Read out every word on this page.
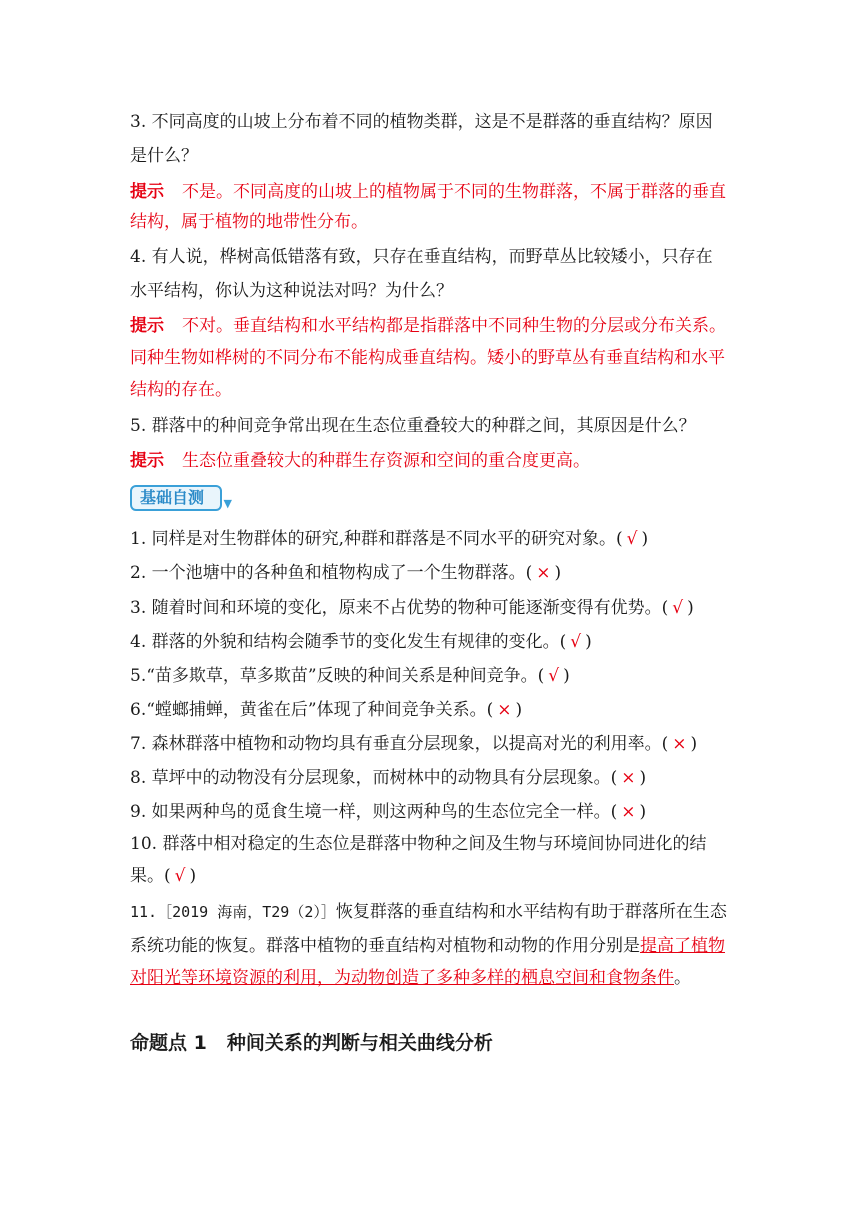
3. 不同高度的山坡上分布着不同的植物类群，这是不是群落的垂直结构？原因
是什么？
提示 不是。不同高度的山坡上的植物属于不同的生物群落，不属于群落的垂直
结构，属于植物的地带性分布。
4. 有人说，桦树高低错落有致，只存在垂直结构，而野草丛比较矮小，只存在
水平结构，你认为这种说法对吗？为什么？
提示 不对。垂直结构和水平结构都是指群落中不同种生物的分层或分布关系。
同种生物如桦树的不同分布不能构成垂直结构。矮小的野草丛有垂直结构和水平
结构的存在。
5. 群落中的种间竞争常出现在生态位重叠较大的种群之间，其原因是什么？
提示 生态位重叠较大的种群生存资源和空间的重合度更高。
基础自测 ▼
1. 同样是对生物群体的研究,种群和群落是不同水平的研究对象。( √ )
2. 一个池塘中的各种鱼和植物构成了一个生物群落。( × )
3. 随着时间和环境的变化，原来不占优势的物种可能逐渐变得有优势。( √ )
4. 群落的外貌和结构会随季节的变化发生有规律的变化。( √ )
5.“苗多欺草，草多欺苗”反映的种间关系是种间竞争。( √ )
6.“螳螂捕蝉，黄雀在后”体现了种间竞争关系。( × )
7. 森林群落中植物和动物均具有垂直分层现象，以提高对光的利用率。( × )
8. 草坪中的动物没有分层现象，而树林中的动物具有分层现象。( × )
9. 如果两种鸟的觅食生境一样，则这两种鸟的生态位完全一样。( × )
10. 群落中相对稳定的生态位是群落中物种之间及生物与环境间协同进化的结
果。( √ )
11.［2019 海南，T29（2）］恢复群落的垂直结构和水平结构有助于群落所在生态
系统功能的恢复。群落中植物的垂直结构对植物和动物的作用分别是提高了植物
对阳光等环境资源的利用，为动物创造了多种多样的栖息空间和食物条件。
命题点 1 种间关系的判断与相关曲线分析
